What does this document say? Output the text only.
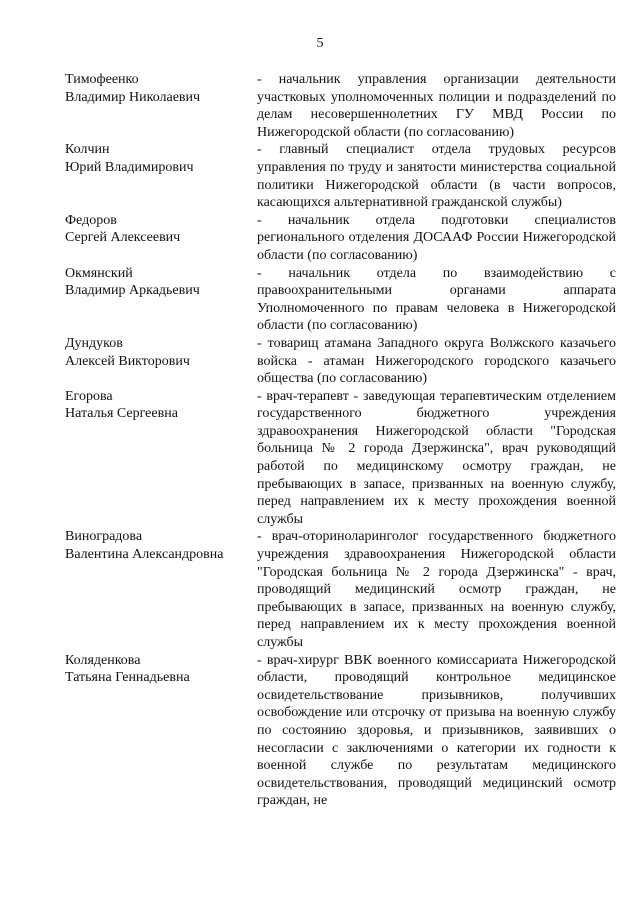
5
Тимофеенко
Владимир Николаевич
- начальник управления организации деятельности участковых уполномоченных полиции и подразделений по делам несовершеннолетних ГУ МВД России по Нижегородской области (по согласованию)
Колчин
Юрий Владимирович
- главный специалист отдела трудовых ресурсов управления по труду и занятости министерства социальной политики Нижегородской области (в части вопросов, касающихся альтернативной гражданской службы)
Федоров
Сергей Алексеевич
- начальник отдела подготовки специалистов регионального отделения ДОСААФ России Нижегородской области (по согласованию)
Окмянский
Владимир Аркадьевич
- начальник отдела по взаимодействию с правоохранительными органами аппарата Уполномоченного по правам человека в Нижегородской области (по согласованию)
Дундуков
Алексей Викторович
- товарищ атамана Западного округа Волжского казачьего войска - атаман Нижегородского городского казачьего общества (по согласованию)
Егорова
Наталья Сергеевна
- врач-терапевт - заведующая терапевтическим отделением государственного бюджетного учреждения здравоохранения Нижегородской области "Городская больница № 2 города Дзержинска", врач руководящий работой по медицинскому осмотру граждан, не пребывающих в запасе, призванных на военную службу, перед направлением их к месту прохождения военной службы
Виноградова
Валентина Александровна
- врач-оториноларинголог государственного бюджетного учреждения здравоохранения Нижегородской области "Городская больница № 2 города Дзержинска" - врач, проводящий медицинский осмотр граждан, не пребывающих в запасе, призванных на военную службу, перед направлением их к месту прохождения военной службы
Коляденкова
Татьяна Геннадьевна
- врач-хирург ВВК военного комиссариата Нижегородской области, проводящий контрольное медицинское освидетельствование призывников, получивших освобождение или отсрочку от призыва на военную службу по состоянию здоровья, и призывников, заявивших о несогласии с заключениями о категории их годности к военной службе по результатам медицинского освидетельствования, проводящий медицинский осмотр граждан, не
